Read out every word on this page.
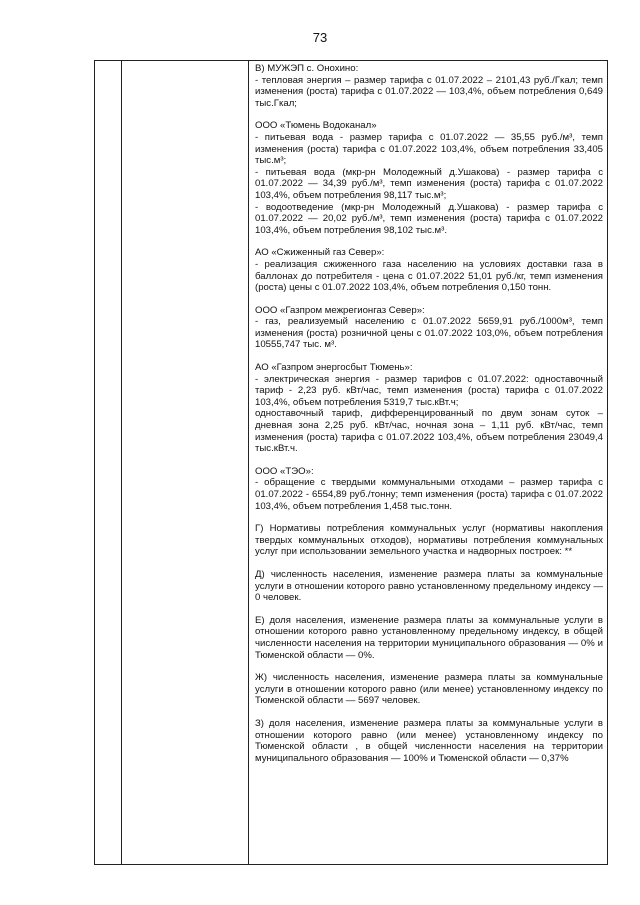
73

В) МУЖЭП с. Онохино:

- тепловая энергия – размер тарифа с 01.07.2022 – 2101,43 руб./Гкал; темп изменения (роста) тарифа с 01.07.2022 — 103,4%, объем потребления 0,649 тыс.Гкал;

ООО «Тюмень Водоканал»

- питьевая вода - размер тарифа с 01.07.2022 — 35,55 руб./м³, темп изменения (роста) тарифа с 01.07.2022 103,4%, объем потребления 33,405 тыс.м³;

- питьевая вода (мкр-рн Молодежный д.Ушакова) - размер тарифа с 01.07.2022 — 34,39 руб./м³, темп изменения (роста) тарифа с 01.07.2022 103,4%, объем потребления 98,117 тыс.м³;

- водоотведение (мкр-рн Молодежный д.Ушакова) - размер тарифа с 01.07.2022 — 20,02 руб./м³, темп изменения (роста) тарифа с 01.07.2022 103,4%, объем потребления 98,102 тыс.м³.

АО «Сжиженный газ Север»:

- реализация сжиженного газа населению на условиях доставки газа в баллонах до потребителя - цена с 01.07.2022 51,01 руб./кг, темп изменения (роста) цены с 01.07.2022 103,4%, объем потребления 0,150 тонн.

ООО «Газпром межрегионгаз Север»:

- газ, реализуемый населению с 01.07.2022 5659,91 руб./1000м³, темп изменения (роста) розничной цены с 01.07.2022 103,0%, объем потребления 10555,747 тыс. м³.

АО «Газпром энергосбыт Тюмень»:

- электрическая энергия - размер тарифов с 01.07.2022: одноставочный тариф - 2,23 руб. кВт/час, темп изменения (роста) тарифа с 01.07.2022 103,4%, объем потребления 5319,7 тыс.кВт.ч;

одноставочный тариф, дифференцированный по двум зонам суток – дневная зона 2,25 руб. кВт/час, ночная зона – 1,11 руб. кВт/час, темп изменения (роста) тарифа с 01.07.2022 103,4%, объем потребления 23049,4 тыс.кВт.ч.

ООО «ТЭО»:

- обращение с твердыми коммунальными отходами – размер тарифа с 01.07.2022 - 6554,89 руб./тонну; темп изменения (роста) тарифа с 01.07.2022 103,4%, объем потребления 1,458 тыс.тонн.

Г) Нормативы потребления коммунальных услуг (нормативы накопления твердых коммунальных отходов), нормативы потребления коммунальных услуг при использовании земельного участка и надворных построек: **

Д) численность населения, изменение размера платы за коммунальные услуги в отношении которого равно установленному предельному индексу — 0 человек.

Е) доля населения, изменение размера платы за коммунальные услуги в отношении которого равно установленному предельному индексу, в общей численности населения на территории муниципального образования — 0% и Тюменской области — 0%.

Ж) численность населения, изменение размера платы за коммунальные услуги в отношении которого равно (или менее) установленному индексу по Тюменской области — 5697 человек.

З) доля населения, изменение размера платы за коммунальные услуги в отношении которого равно (или менее) установленному индексу по Тюменской области , в общей численности населения на территории муниципального образования — 100% и Тюменской области — 0,37%
